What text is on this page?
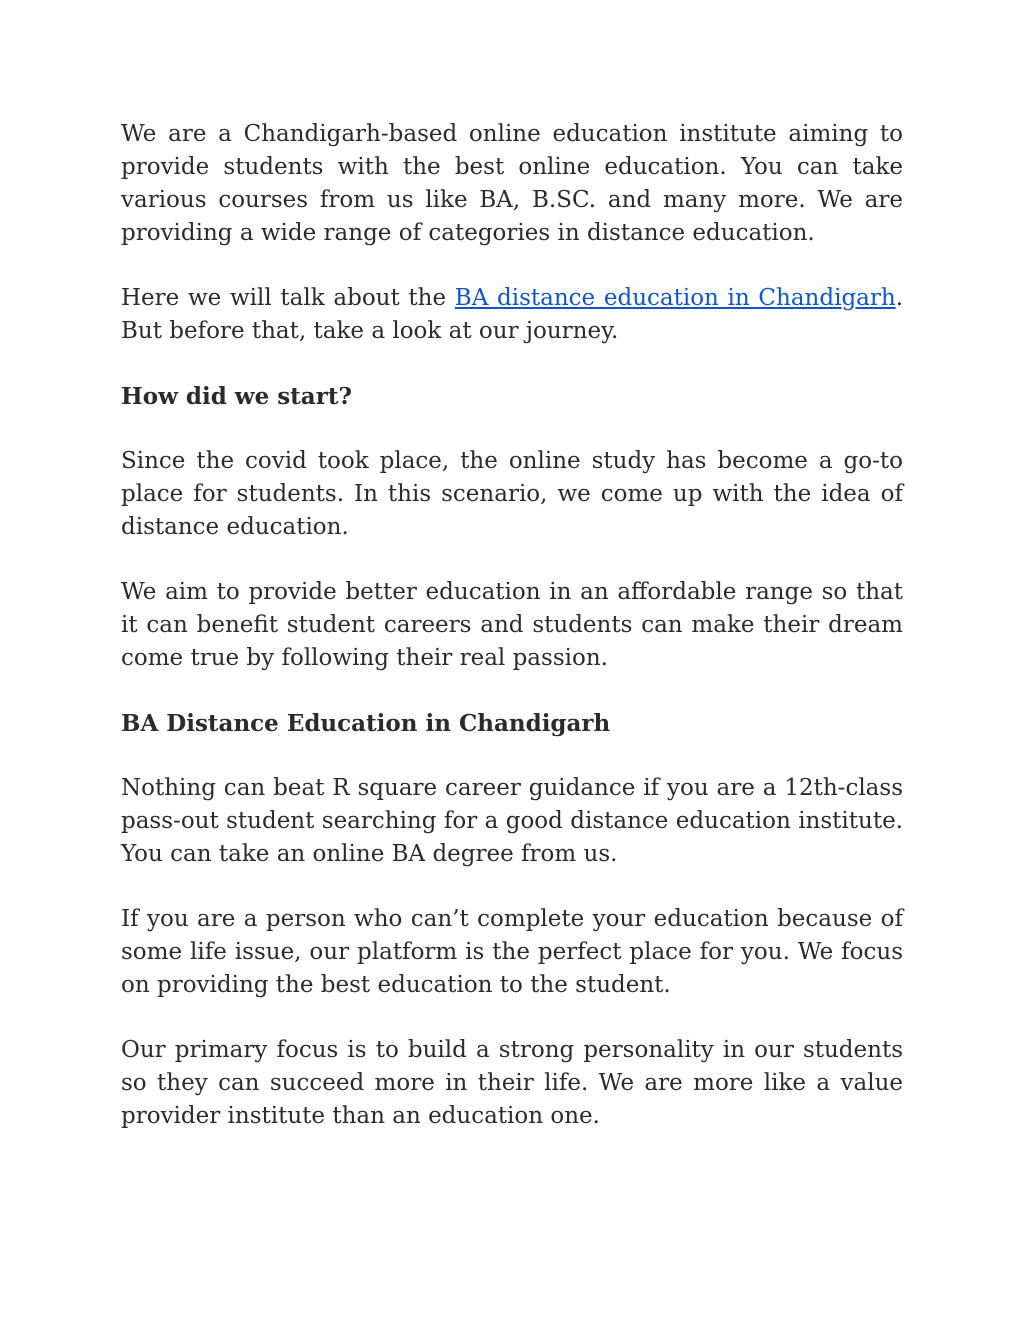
We are a Chandigarh-based online education institute aiming to provide students with the best online education. You can take various courses from us like BA, B.SC. and many more. We are providing a wide range of categories in distance education.

Here we will talk about the BA distance education in Chandigarh. But before that, take a look at our journey.

How did we start?

Since the covid took place, the online study has become a go-to place for students. In this scenario, we come up with the idea of distance education.

We aim to provide better education in an affordable range so that it can benefit student careers and students can make their dream come true by following their real passion.

BA Distance Education in Chandigarh

Nothing can beat R square career guidance if you are a 12th-class pass-out student searching for a good distance education institute. You can take an online BA degree from us.

If you are a person who can’t complete your education because of some life issue, our platform is the perfect place for you. We focus on providing the best education to the student.

Our primary focus is to build a strong personality in our students so they can succeed more in their life. We are more like a value provider institute than an education one.
